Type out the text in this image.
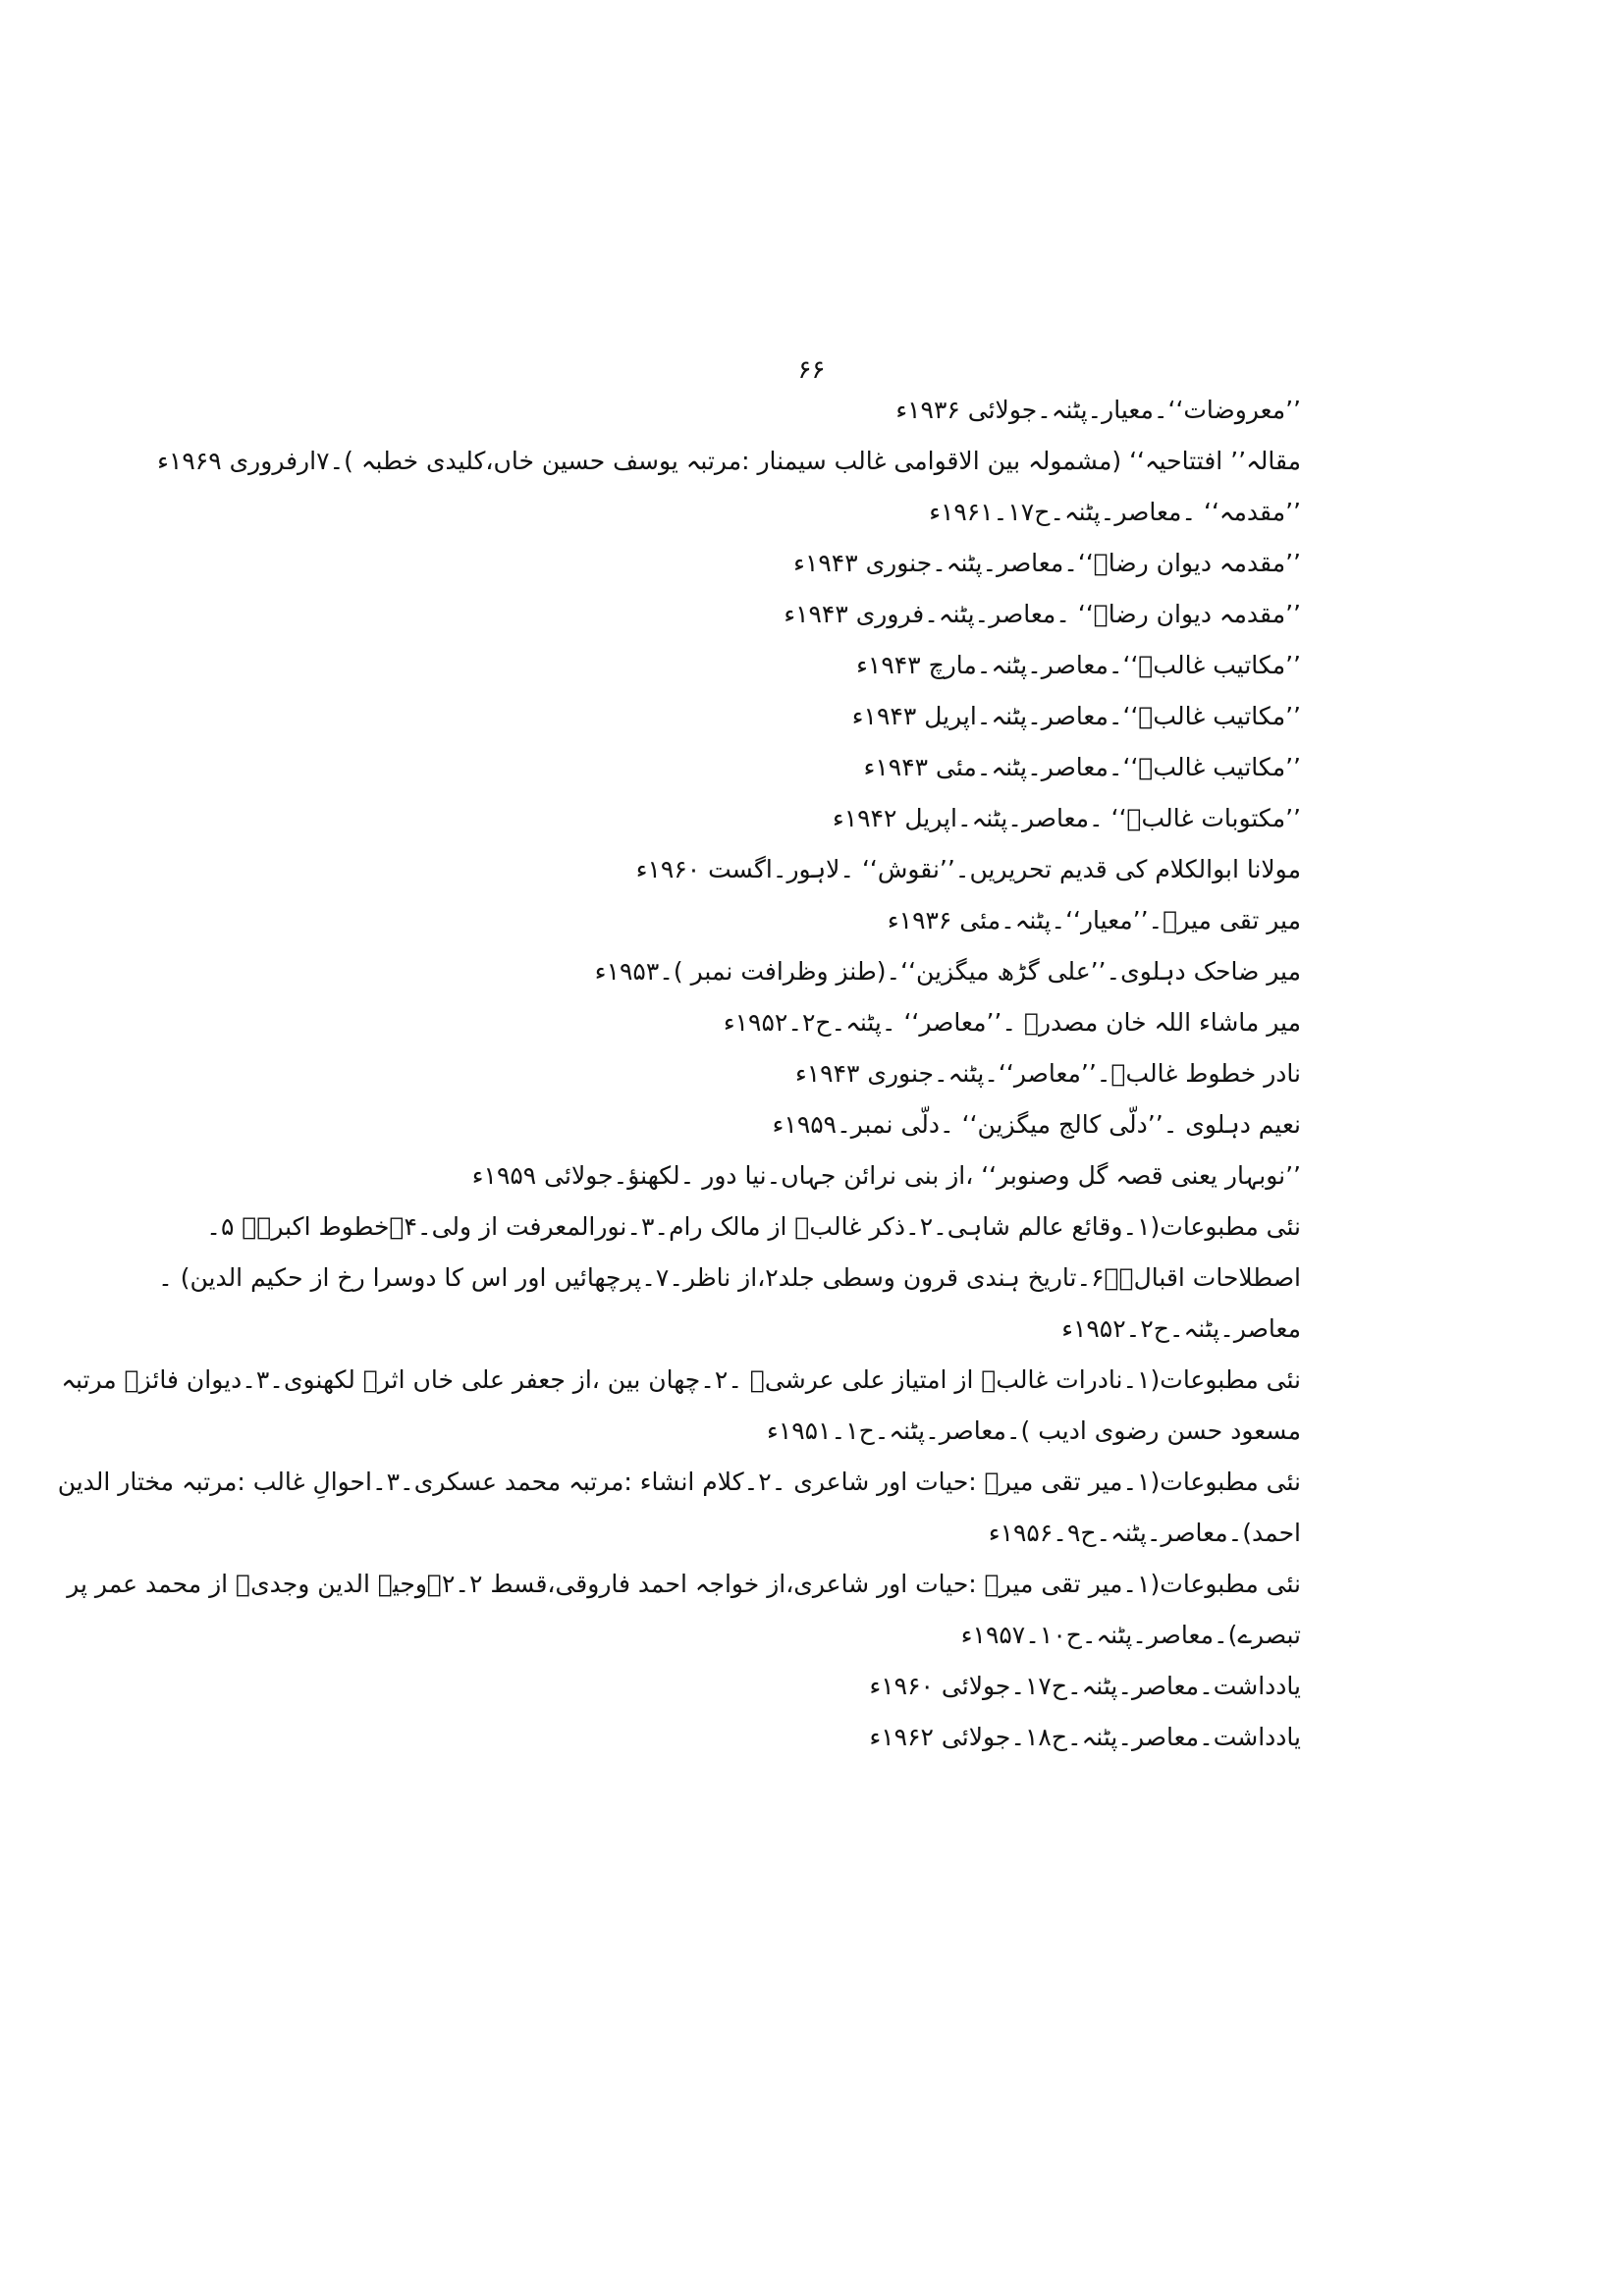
۶۶
’’معروضات‘‘۔معیار۔پٹنہ۔جولائی ۱۹۳۶ء
مقالہ’’ افتتاحیہ‘‘ (مشمولہ بین الاقوامی غالب سیمنار :مرتبہ یوسف حسین خاں،کلیدی خطبہ )۔۷ارفروری ۱۹۶۹ء
’’مقدمہ‘‘ ۔معاصر۔پٹنہ۔ح۱۷۔۱۹۶۱ء
’’مقدمہ دیوان رضاؔ‘‘۔معاصر۔پٹنہ۔جنوری ۱۹۴۳ء
’’مقدمہ دیوان رضاؔ‘‘ ۔معاصر۔پٹنہ۔فروری ۱۹۴۳ء
’’مکاتیب غالبؔ‘‘۔معاصر۔پٹنہ۔مارچ ۱۹۴۳ء
’’مکاتیب غالبؔ‘‘۔معاصر۔پٹنہ۔اپریل ۱۹۴۳ء
’’مکاتیب غالبؔ‘‘۔معاصر۔پٹنہ۔مئی ۱۹۴۳ء
’’مکتوبات غالبؔ‘‘ ۔معاصر۔پٹنہ۔اپریل ۱۹۴۲ء
مولانا ابوالکلام کی قدیم تحریریں۔’’نقوش‘‘ ۔لاہور۔اگست ۱۹۶۰ء
میر تقی میرؔ۔’’معیار‘‘۔پٹنہ۔مئی ۱۹۳۶ء
میر ضاحک دہلوی۔’’علی گڑھ میگزین‘‘۔(طنز وظرافت نمبر )۔۱۹۵۳ء
میر ماشاء اللہ خان مصدرؔ ۔’’معاصر‘‘ ۔پٹنہ۔ح۲۔۱۹۵۲ء
نادر خطوط غالبؔ۔’’معاصر‘‘۔پٹنہ۔جنوری ۱۹۴۳ء
نعیم دہلوی ۔’’دلّی کالج میگزین‘‘ ۔دلّی نمبر۔۱۹۵۹ء
’’نوبہار یعنی قصہ گل وصنوبر‘‘ ،از بنی نرائن جہاں۔نیا دور ۔لکھنؤ۔جولائی ۱۹۵۹ء
نئی مطبوعات(۱۔وقائع عالم شاہی۔۲۔ذکر غالبؔ از مالک رام۔۳۔نورالمعرفت از ولی۔۴۔خطوط اکبرؔ۔ ۵۔
اصطلاحات اقبالؔ۔۶۔تاریخ ہندی قرون وسطی جلد۲،از ناظر۔۷۔پرچھائیں اور اس کا دوسرا رخ از حکیم الدین) ۔
معاصر۔پٹنہ۔ح۲۔۱۹۵۲ء
نئی مطبوعات(۱۔نادرات غالبؔ از امتیاز علی عرشیؔ ۔۲۔چھان بین ،از جعفر علی خاں اثرؔ لکھنوی۔۳۔دیوان فائزؔ مرتبہ
مسعود حسن رضوی ادیب )۔معاصر۔پٹنہ۔ح۱۔۱۹۵۱ء
نئی مطبوعات(۱۔میر تقی میرؔ :حیات اور شاعری ۔۲۔کلام انشاء :مرتبہ محمد عسکری۔۳۔احوالِ غالب :مرتبہ مختار الدین
احمد)۔معاصر۔پٹنہ۔ح۹۔۱۹۵۶ء
نئی مطبوعات(۱۔میر تقی میرؔ :حیات اور شاعری،از خواجہ احمد فاروقی،قسط ۲۔۲۔وجیہ الدین وجدیؔ از محمد عمر پر
تبصرے)۔معاصر۔پٹنہ۔ح۱۰۔۱۹۵۷ء
یادداشت۔معاصر۔پٹنہ۔ح۱۷۔جولائی ۱۹۶۰ء
یادداشت۔معاصر۔پٹنہ۔ح۱۸۔جولائی ۱۹۶۲ء
